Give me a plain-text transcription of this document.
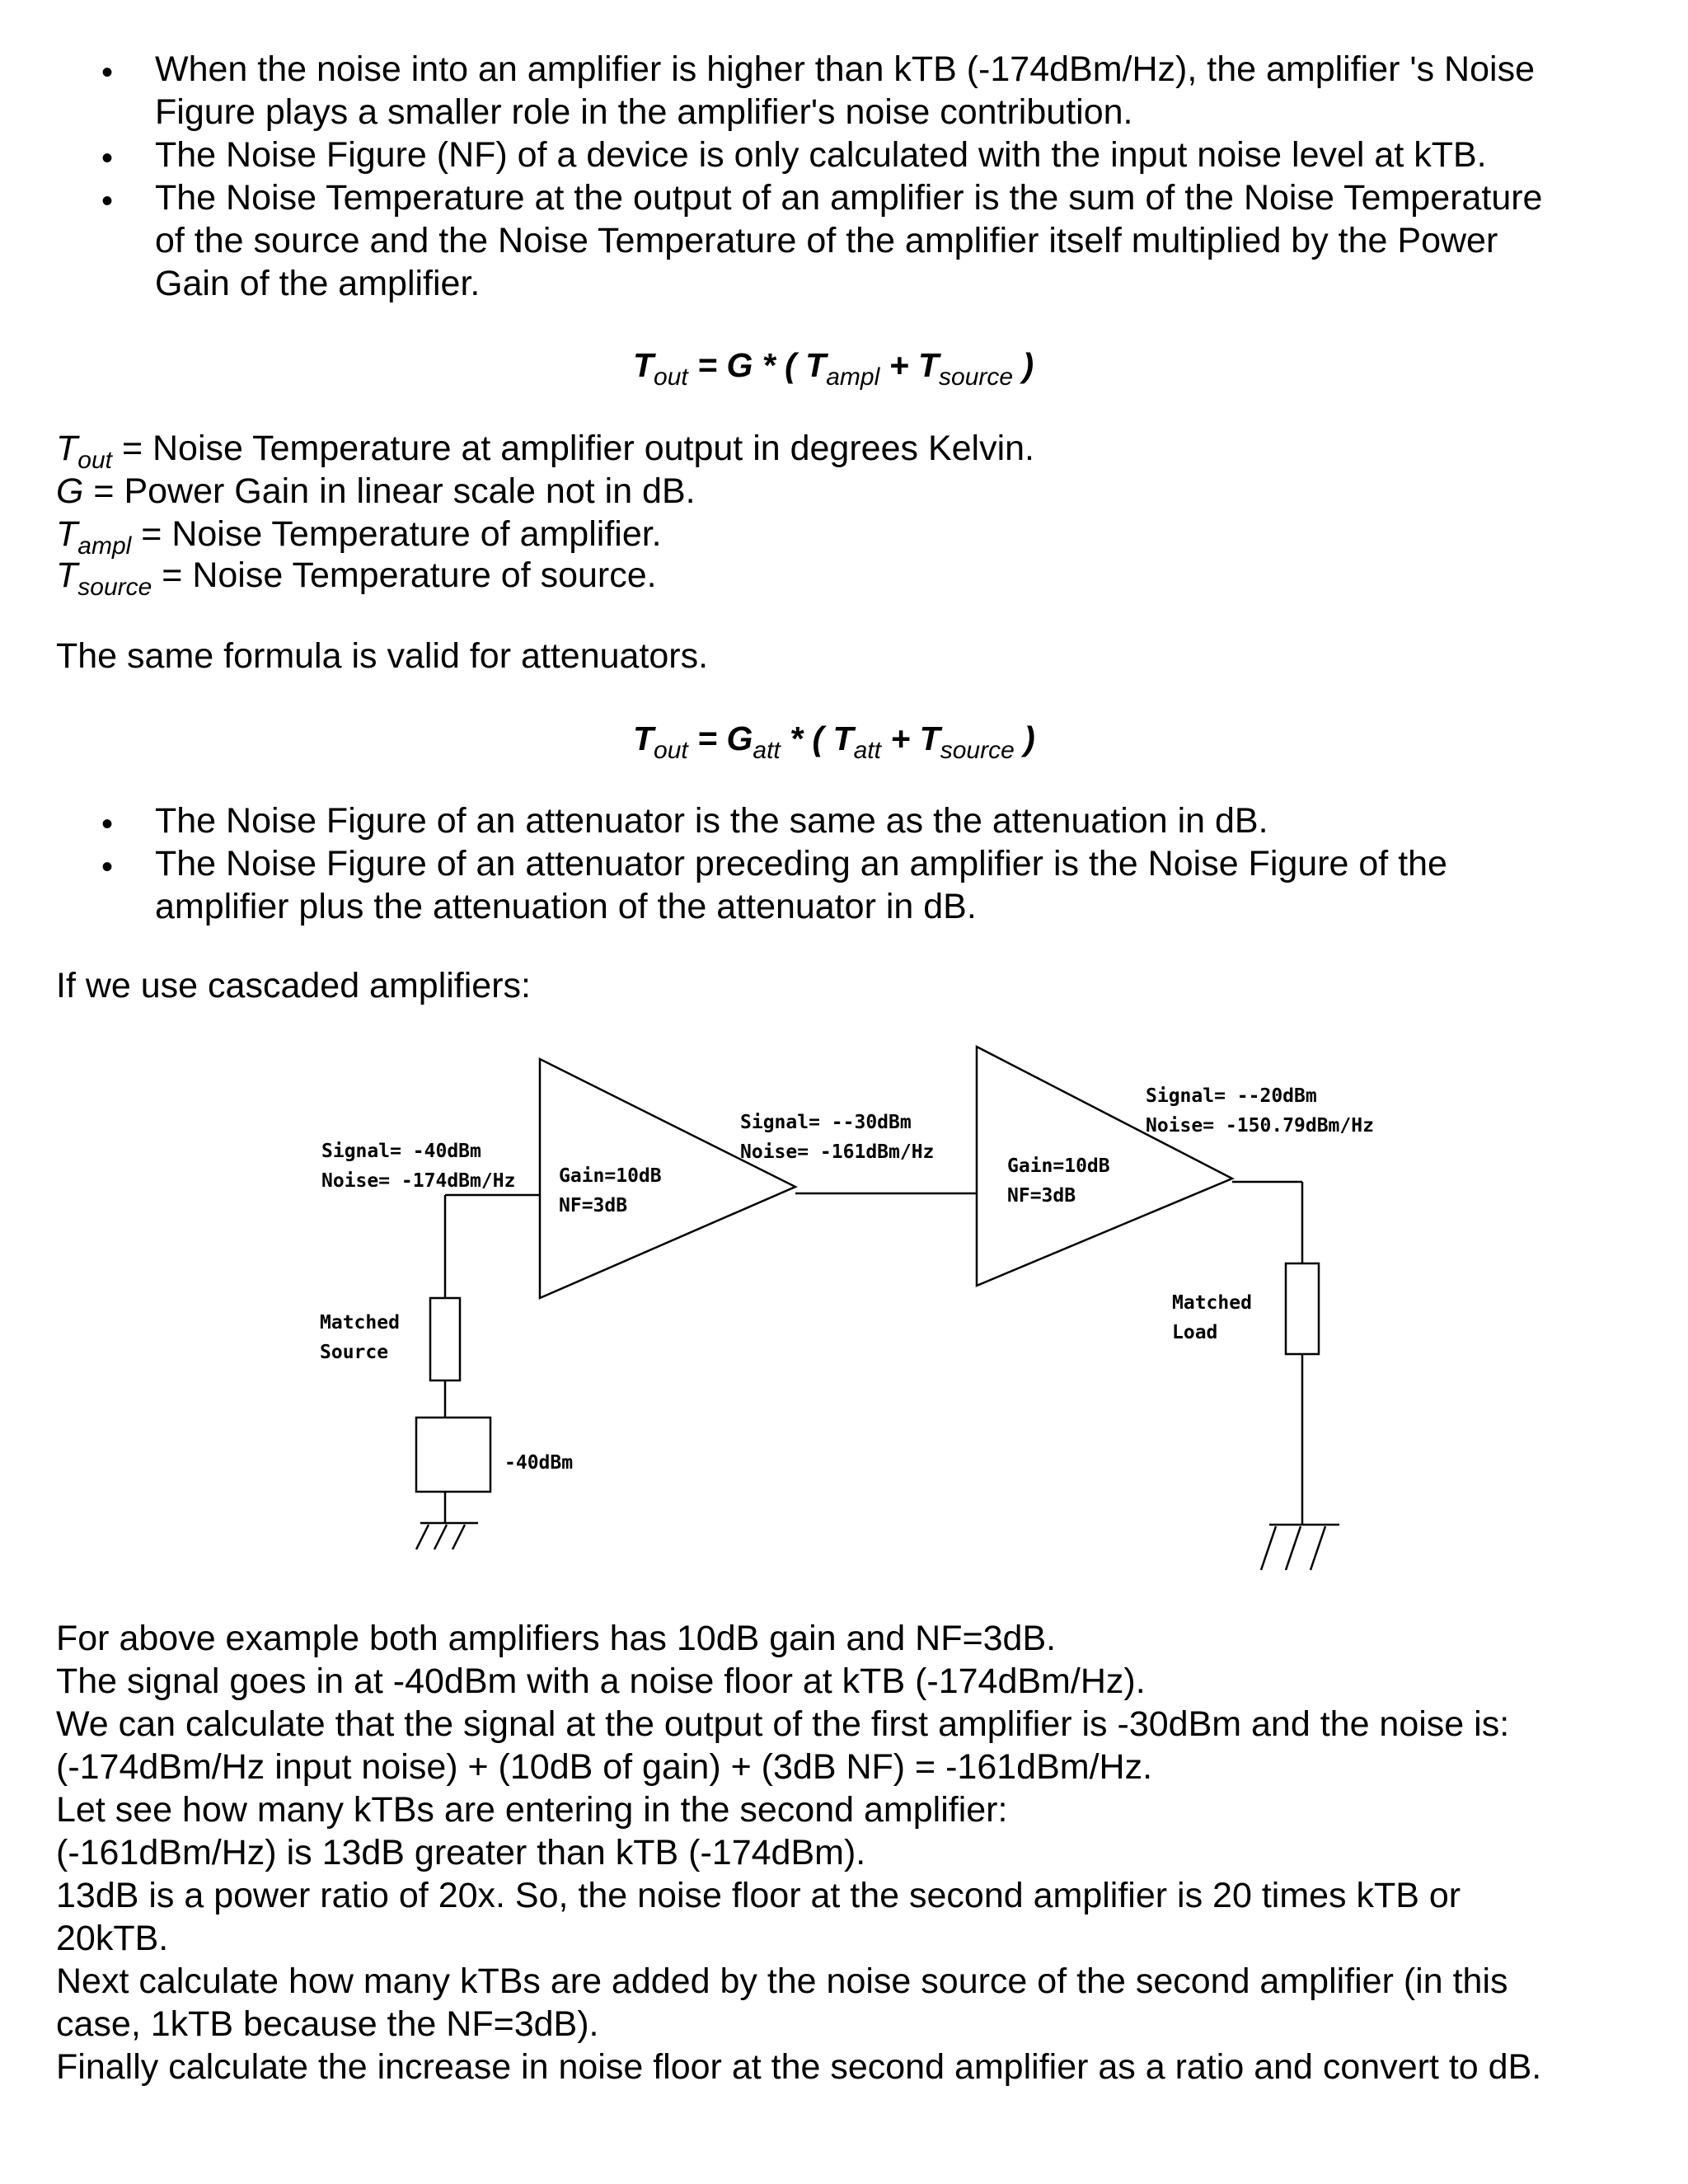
•
•
•

When the noise into an amplifier is higher than kTB (-174dBm/Hz), the amplifier 's Noise

Figure plays a smaller role in the amplifier's noise contribution.

The Noise Figure (NF) of a device is only calculated with the input noise level at kTB.

The Noise Temperature at the output of an amplifier is the sum of the Noise Temperature

of the source and the Noise Temperature of the amplifier itself multiplied by the Power

Gain of the amplifier.

$T_{out} = G$ * ( $T_{ampl} + T_{source}$ )
$T_{out}$ = Noise Temperature at amplifier output in degrees Kelvin.
G = Power Gain in linear scale not in dB.
$T_{ampl}$ = Noise Temperature of amplifier.
$T_{source}$ = Noise Temperature of source.

The same formula is valid for attenuators.

$T_{out} = G_{att}$ * ( $T_{att} + T_{source}$ )
•
•

The Noise Figure of an attenuator is the same as the attenuation in dB.

The Noise Figure of an attenuator preceding an amplifier is the Noise Figure of the

amplifier plus the attenuation of the attenuator in dB.

If we use cascaded amplifiers:

Signal= -40dBm
Noise= -174dBm/Hz Gain=10dB
NF=3dB
Signal= --30dBm
Noise= -161dBm/Hz
Gain=10dB
NF=3dB
Signal= --20dBm
Noise= -150.79dBm/Hz
Matched
Source
Matched
Load
-40dBm

For above example both amplifiers has 10dB gain and NF=3dB.

The signal goes in at -40dBm with a noise floor at kTB (-174dBm/Hz).

We can calculate that the signal at the output of the first amplifier is -30dBm and the noise is:

(-174dBm/Hz input noise) + (10dB of gain) + (3dB NF) = -161dBm/Hz.

Let see how many kTBs are entering in the second amplifier:

(-161dBm/Hz) is 13dB greater than kTB (-174dBm).

13dB is a power ratio of 20x. So, the noise floor at the second amplifier is 20 times kTB or

20kTB.

Next calculate how many kTBs are added by the noise source of the second amplifier (in this

case, 1kTB because the NF=3dB).

Finally calculate the increase in noise floor at the second amplifier as a ratio and convert to dB.
